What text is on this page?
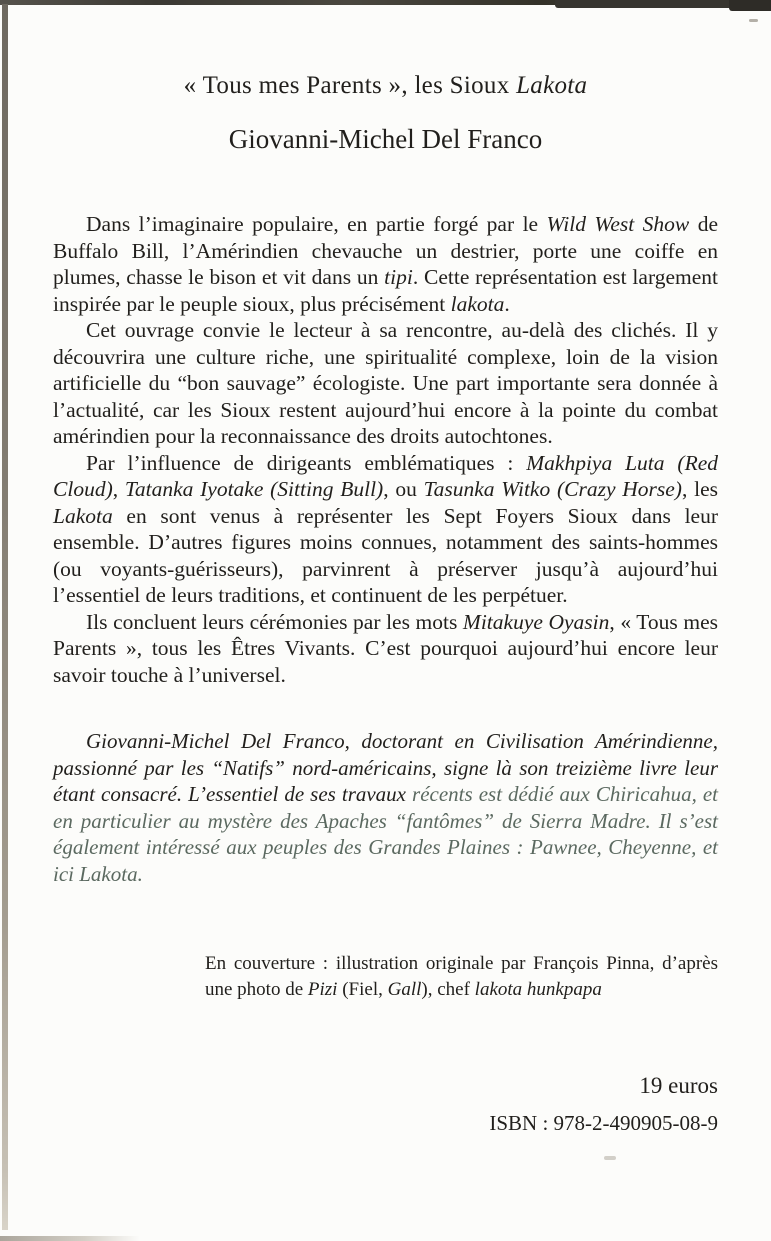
« Tous mes Parents », les Sioux Lakota
Giovanni-Michel Del Franco

Dans l’imaginaire populaire, en partie forgé par le Wild West Show de Buffalo Bill, l’Amérindien chevauche un destrier, porte une coiffe en plumes, chasse le bison et vit dans un tipi. Cette représentation est largement inspirée par le peuple sioux, plus précisément lakota.

Cet ouvrage convie le lecteur à sa rencontre, au-delà des clichés. Il y découvrira une culture riche, une spiritualité complexe, loin de la vision artificielle du “bon sauvage” écologiste. Une part importante sera donnée à l’actualité, car les Sioux restent aujourd’hui encore à la pointe du combat amérindien pour la reconnaissance des droits autochtones.

Par l’influence de dirigeants emblématiques : Makhpiya Luta (Red Cloud), Tatanka Iyotake (Sitting Bull), ou Tasunka Witko (Crazy Horse), les Lakota en sont venus à représenter les Sept Foyers Sioux dans leur ensemble. D’autres figures moins connues, notamment des saints-hommes (ou voyants-guérisseurs), parvinrent à préserver jusqu’à aujourd’hui l’essentiel de leurs traditions, et continuent de les perpétuer.

Ils concluent leurs cérémonies par les mots Mitakuye Oyasin, « Tous mes Parents », tous les Êtres Vivants. C’est pourquoi aujourd’hui encore leur savoir touche à l’universel.

Giovanni-Michel Del Franco, doctorant en Civilisation Amérindienne, passionné par les “Natifs” nord-américains, signe là son treizième livre leur étant consacré. L’essentiel de ses travaux récents est dédié aux Chiricahua, et en particulier au mystère des Apaches “fantômes” de Sierra Madre. Il s’est également intéressé aux peuples des Grandes Plaines : Pawnee, Cheyenne, et ici Lakota.

En couverture : illustration originale par François Pinna, d’après une photo de Pizi (Fiel, Gall), chef lakota hunkpapa

19 euros

ISBN : 978-2-490905-08-9
